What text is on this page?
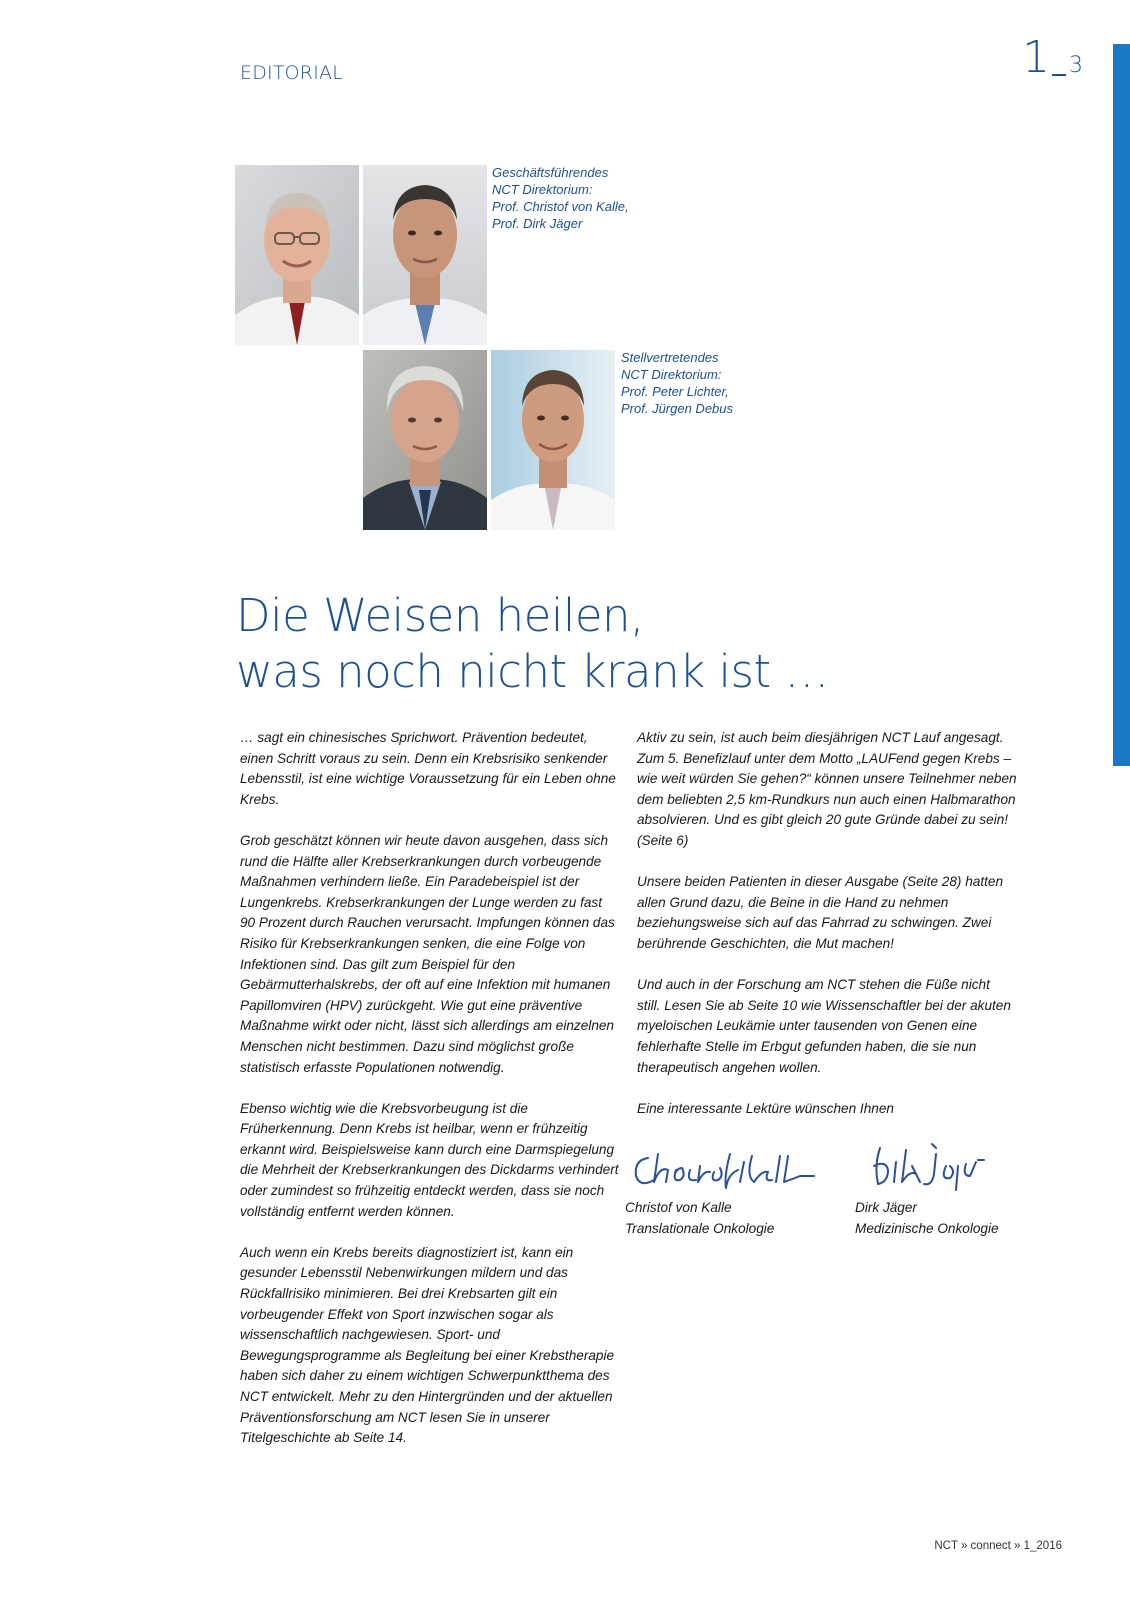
EDITORIAL	1 3
Geschäftsführendes
NCT Direktorium:
Prof. Christof von Kalle,
Prof. Dirk Jäger
Stellvertretendes
NCT Direktorium:
Prof. Peter Lichter,
Prof. Jürgen Debus
Die Weisen heilen,
was noch nicht krank ist …

… sagt ein chinesisches Sprichwort. Prävention bedeutet, einen Schritt voraus zu sein. Denn ein Krebsrisiko senkender Lebensstil, ist eine wichtige Voraussetzung für ein Leben ohne Krebs.

Grob geschätzt können wir heute davon ausgehen, dass sich rund die Hälfte aller Krebserkrankungen durch vorbeugende Maßnahmen verhindern ließe. Ein Paradebeispiel ist der Lungenkrebs. Krebserkrankungen der Lunge werden zu fast 90 Prozent durch Rauchen verursacht. Impfungen können das Risiko für Krebserkrankungen senken, die eine Folge von Infektionen sind. Das gilt zum Beispiel für den Gebärmutterhalskrebs, der oft auf eine Infektion mit humanen Papillomviren (HPV) zurückgeht. Wie gut eine präventive Maßnahme wirkt oder nicht, lässt sich allerdings am einzelnen Menschen nicht bestimmen. Dazu sind möglichst große statistisch erfasste Populationen notwendig.

Ebenso wichtig wie die Krebsvorbeugung ist die Früherkennung. Denn Krebs ist heilbar, wenn er frühzeitig erkannt wird. Beispielsweise kann durch eine Darmspiegelung die Mehrheit der Krebserkrankungen des Dickdarms verhindert oder zumindest so frühzeitig entdeckt werden, dass sie noch vollständig entfernt werden können.

Auch wenn ein Krebs bereits diagnostiziert ist, kann ein gesunder Lebensstil Nebenwirkungen mildern und das Rückfallrisiko minimieren. Bei drei Krebsarten gilt ein vorbeugender Effekt von Sport inzwischen sogar als wissenschaftlich nachgewiesen. Sport- und Bewegungsprogramme als Begleitung bei einer Krebstherapie haben sich daher zu einem wichtigen Schwerpunktthema des NCT entwickelt. Mehr zu den Hintergründen und der aktuellen Präventionsforschung am NCT lesen Sie in unserer Titelgeschichte ab Seite 14.

Aktiv zu sein, ist auch beim diesjährigen NCT Lauf angesagt. Zum 5. Benefizlauf unter dem Motto „LAUFend gegen Krebs – wie weit würden Sie gehen?“ können unsere Teilnehmer neben dem beliebten 2,5 km-Rundkurs nun auch einen Halbmarathon absolvieren. Und es gibt gleich 20 gute Gründe dabei zu sein! (Seite 6)

Unsere beiden Patienten in dieser Ausgabe (Seite 28) hatten allen Grund dazu, die Beine in die Hand zu nehmen beziehungsweise sich auf das Fahrrad zu schwingen. Zwei berührende Geschichten, die Mut machen!

Und auch in der Forschung am NCT stehen die Füße nicht still. Lesen Sie ab Seite 10 wie Wissenschaftler bei der akuten myeloischen Leukämie unter tausenden von Genen eine fehlerhafte Stelle im Erbgut gefunden haben, die sie nun therapeutisch angehen wollen.

Eine interessante Lektüre wünschen Ihnen

Christof von Kalle
Translationale Onkologie
Dirk Jäger
Medizinische Onkologie
NCT » connect » 1_2016
